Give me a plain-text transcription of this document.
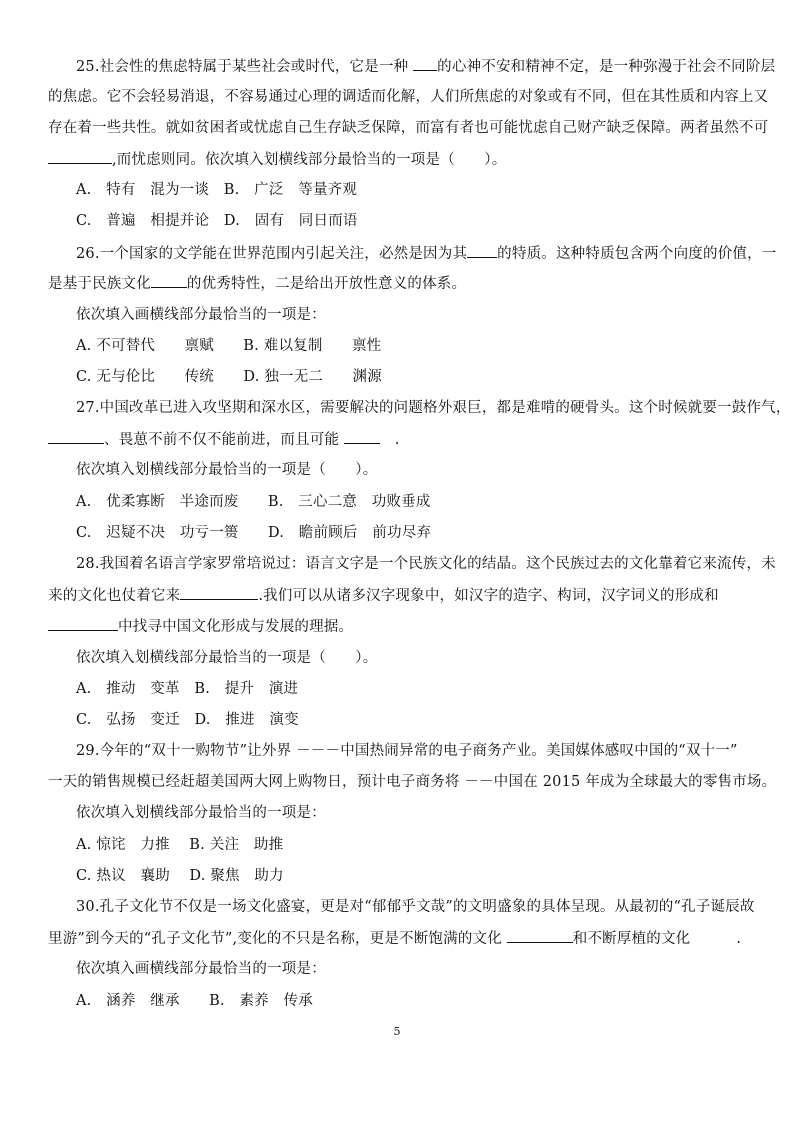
25.社会性的焦虑特属于某些社会或时代，它是一种 的心神不安和精神不定，是一种弥漫于社会不同阶层
的焦虑。它不会轻易消退，不容易通过心理的调适而化解，人们所焦虑的对象或有不同，但在其性质和内容上又
存在着一些共性。就如贫困者或忧虑自己生存缺乏保障，而富有者也可能忧虑自己财产缺乏保障。两者虽然不可
,而忧虑则同。依次填入划横线部分最恰当的一项是（　　）。
A.　特有　混为一谈　B.　广泛　等量齐观
C.　普遍　相提并论　D.　固有　同日而语
26.一个国家的文学能在世界范围内引起关注，必然是因为其 的特质。这种特质包含两个向度的价值，一
是基于民族文化 的优秀特性，二是给出开放性意义的体系。
依次填入画横线部分最恰当的一项是：
A. 不可替代　　禀赋　　B. 难以复制　　禀性
C. 无与伦比　　传统　　D. 独一无二　　渊源
27.中国改革已进入攻坚期和深水区，需要解决的问题格外艰巨，都是难啃的硬骨头。这个时候就要一鼓作气，
、畏葸不前不仅不能前进，而且可能 　.
依次填入划横线部分最恰当的一项是（　　）。
A.　优柔寡断　半途而废　　B.　三心二意　功败垂成
C.　迟疑不决　功亏一篑　　D.　瞻前顾后　前功尽弃
28.我国着名语言学家罗常培说过：语言文字是一个民族文化的结晶。这个民族过去的文化靠着它来流传，未
来的文化也仗着它来	.我们可以从诸多汉字现象中，如汉字的造字、构词，汉字词义的形成和
中找寻中国文化形成与发展的理据。
依次填入划横线部分最恰当的一项是（　　）。
A.　推动　变革　B.　提升　演进
C.　弘扬　变迁　D.　推进　演变
29.今年的“双十一购物节”让外界 －－－中国热闹异常的电子商务产业。美国媒体感叹中国的“双十一”
一天的销售规模已经赶超美国两大网上购物日，预计电子商务将 －－中国在 2015 年成为全球最大的零售市场。
依次填入划横线部分最恰当的一项是：
A. 惊诧　力推　 B. 关注　助推
C. 热议　襄助　 D. 聚焦　助力
30.孔子文化节不仅是一场文化盛宴，更是对“郁郁乎文哉”的文明盛象的具体呈现。从最初的“孔子诞辰故
里游”到今天的“孔子文化节”,变化的不只是名称，更是不断饱满的文化	和不断厚植的文化	.
依次填入画横线部分最恰当的一项是：
A.　涵养　继承　　B.　素养　传承
5
